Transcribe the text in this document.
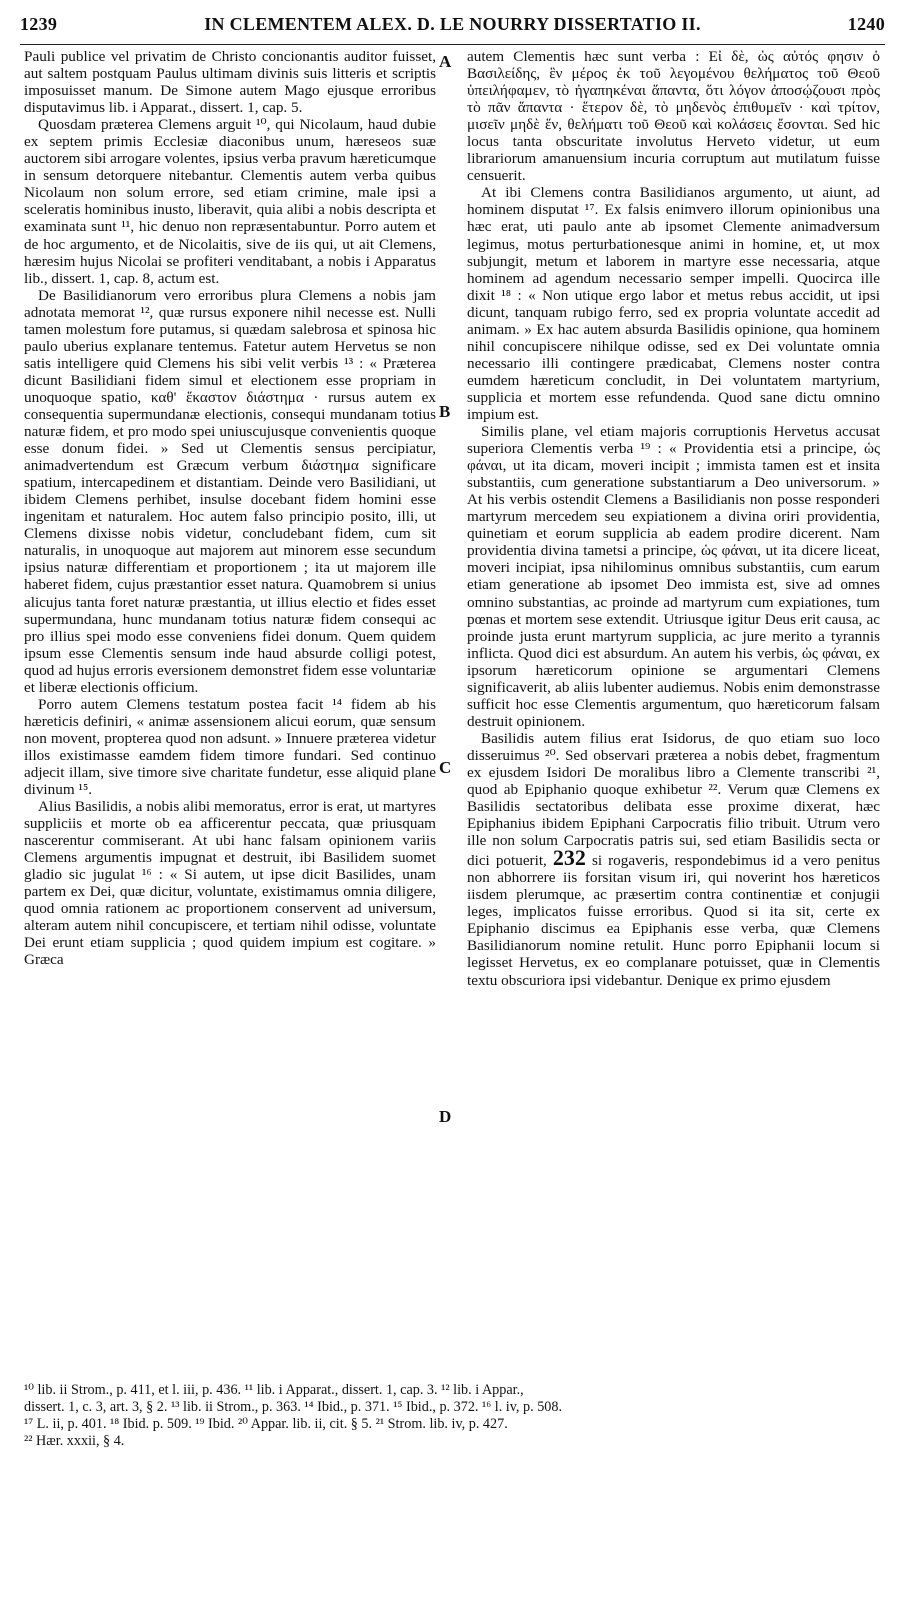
1239	IN CLEMENTEM ALEX. D. LE NOURRY DISSERTATIO II.	1240

Pauli publice vel privatim de Christo concionantis auditor fuisset, aut saltem postquam Paulus ultimam divinis suis litteris et scriptis imposuisset manum. De Simone autem Mago ejusque erroribus disputavimus lib. i Apparat., dissert. 1, cap. 5.

Quosdam præterea Clemens arguit ¹⁰, qui Nicolaum, haud dubie ex septem primis Ecclesiæ diaconibus unum, hæreseos suæ auctorem sibi arrogare volentes, ipsius verba pravum hæreticumque in sensum detorquere nitebantur. Clementis autem verba quibus Nicolaum non solum errore, sed etiam crimine, male ipsi a sceleratis hominibus inusto, liberavit, quia alibi a nobis descripta et examinata sunt ¹¹, hic denuo non repræsentabuntur. Porro autem et de hoc argumento, et de Nicolaitis, sive de iis qui, ut ait Clemens, hæresim hujus Nicolai se profiteri venditabant, a nobis i Apparatus lib., dissert. 1, cap. 8, actum est.

De Basilidianorum vero erroribus plura Clemens a nobis jam adnotata memorat ¹², quæ rursus exponere nihil necesse est. Nulli tamen molestum fore putamus, si quædam salebrosa et spinosa hic paulo uberius explanare tentemus. Fatetur autem Hervetus se non satis intelligere quid Clemens his sibi velit verbis ¹³ : « Præterea dicunt Basilidiani fidem simul et electionem esse propriam in unoquoque spatio, καθ' ἕκαστον διάστημα · rursus autem ex consequentia supermundanæ electionis, consequi mundanam totius naturæ fidem, et pro modo spei uniuscujusque convenientis quoque esse donum fidei. » Sed ut Clementis sensus percipiatur, animadvertendum est Græcum verbum διάστημα significare spatium, intercapedinem et distantiam. Deinde vero Basilidiani, ut ibidem Clemens perhibet, insulse docebant fidem homini esse ingenitam et naturalem. Hoc autem falso principio posito, illi, ut Clemens dixisse nobis videtur, concludebant fidem, cum sit naturalis, in unoquoque aut majorem aut minorem esse secundum ipsius naturæ differentiam et proportionem ; ita ut majorem ille haberet fidem, cujus præstantior esset natura. Quamobrem si unius alicujus tanta foret naturæ præstantia, ut illius electio et fides esset supermundana, hunc mundanam totius naturæ fidem consequi ac pro illius spei modo esse conveniens fidei donum. Quem quidem ipsum esse Clementis sensum inde haud absurde colligi potest, quod ad hujus erroris eversionem demonstret fidem esse voluntariæ et liberæ electionis officium.

Porro autem Clemens testatum postea facit ¹⁴ fidem ab his hæreticis definiri, « animæ assensionem alicui eorum, quæ sensum non movent, propterea quod non adsunt. » Innuere præterea videtur illos existimasse eamdem fidem timore fundari. Sed continuo adjecit illam, sive timore sive charitate fundetur, esse aliquid plane divinum ¹⁵.

Alius Basilidis, a nobis alibi memoratus, error is erat, ut martyres suppliciis et morte ob ea afficerentur peccata, quæ priusquam nascerentur commiserant. At ubi hanc falsam opinionem variis Clemens argumentis impugnat et destruit, ibi Basilidem suomet gladio sic jugulat ¹⁶ : « Si autem, ut ipse dicit Basilides, unam partem ex Dei, quæ dicitur, voluntate, existimamus omnia diligere, quod omnia rationem ac proportionem conservent ad universum, alteram autem nihil concupiscere, et tertiam nihil odisse, voluntate Dei erunt etiam supplicia ; quod quidem impium est cogitare. » Græca

A
B
C
D

autem Clementis hæc sunt verba : Εἰ δὲ, ὡς αὐτός φησιν ὁ Βασιλείδης, ἓν μέρος ἐκ τοῦ λεγομένου θελήματος τοῦ Θεοῦ ὑπειλήφαμεν, τὸ ἠγαπηκέναι ἅπαντα, ὅτι λόγον ἀποσῴζουσι πρὸς τὸ πᾶν ἅπαντα · ἕτερον δὲ, τὸ μηδενὸς ἐπιθυμεῖν · καὶ τρίτον, μισεῖν μηδὲ ἕν, θελήματι τοῦ Θεοῦ καὶ κολάσεις ἔσονται. Sed hic locus tanta obscuritate involutus Herveto videtur, ut eum librariorum amanuensium incuria corruptum aut mutilatum fuisse censuerit.

At ibi Clemens contra Basilidianos argumento, ut aiunt, ad hominem disputat ¹⁷. Ex falsis enimvero illorum opinionibus una hæc erat, uti paulo ante ab ipsomet Clemente animadversum legimus, motus perturbationesque animi in homine, et, ut mox subjungit, metum et laborem in martyre esse necessaria, atque hominem ad agendum necessario semper impelli. Quocirca ille dixit ¹⁸ : « Non utique ergo labor et metus rebus accidit, ut ipsi dicunt, tanquam rubigo ferro, sed ex propria voluntate accedit ad animam. » Ex hac autem absurda Basilidis opinione, qua hominem nihil concupiscere nihilque odisse, sed ex Dei voluntate omnia necessario illi contingere prædicabat, Clemens noster contra eumdem hæreticum concludit, in Dei voluntatem martyrium, supplicia et mortem esse refundenda. Quod sane dictu omnino impium est.

Similis plane, vel etiam majoris corruptionis Hervetus accusat superiora Clementis verba ¹⁹ : « Providentia etsi a principe, ὡς φάναι, ut ita dicam, moveri incipit ; immista tamen est et insita substantiis, cum generatione substantiarum a Deo universorum. » At his verbis ostendit Clemens a Basilidianis non posse responderi martyrum mercedem seu expiationem a divina oriri providentia, quinetiam et eorum supplicia ab eadem prodire dicerent. Nam providentia divina tametsi a principe, ὡς φάναι, ut ita dicere liceat, moveri incipiat, ipsa nihilominus omnibus substantiis, cum earum etiam generatione ab ipsomet Deo immista est, sive ad omnes omnino substantias, ac proinde ad martyrum cum expiationes, tum pœnas et mortem sese extendit. Utriusque igitur Deus erit causa, ac proinde justa erunt martyrum supplicia, ac jure merito a tyrannis inflicta. Quod dici est absurdum. An autem his verbis, ὡς φάναι, ex ipsorum hæreticorum opinione se argumentari Clemens significaverit, ab aliis lubenter audiemus. Nobis enim demonstrasse sufficit hoc esse Clementis argumentum, quo hæreticorum falsam destruit opinionem.

Basilidis autem filius erat Isidorus, de quo etiam suo loco disseruimus ²⁰. Sed observari præterea a nobis debet, fragmentum ex ejusdem Isidori De moralibus libro a Clemente transcribi ²¹, quod ab Epiphanio quoque exhibetur ²². Verum quæ Clemens ex Basilidis sectatoribus delibata esse proxime dixerat, hæc Epiphanius ibidem Epiphani Carpocratis filio tribuit. Utrum vero ille non solum Carpocratis patris sui, sed etiam Basilidis secta or dici potuerit, 232 si rogaveris, respondebimus id a vero penitus non abhorrere iis forsitan visum iri, qui noverint hos hæreticos iisdem plerumque, ac præsertim contra continentiæ et conjugii leges, implicatos fuisse erroribus. Quod si ita sit, certe ex Epiphanio discimus ea Epiphanis esse verba, quæ Clemens Basilidianorum nomine retulit. Hunc porro Epiphanii locum si legisset Hervetus, ex eo complanare potuisset, quæ in Clementis textu obscuriora ipsi videbantur. Denique ex primo ejusdem

¹⁰ lib. ii Strom., p. 411, et l. iii, p. 436. ¹¹ lib. i Apparat., dissert. 1, cap. 3. ¹² lib. i Appar.,
dissert. 1, c. 3, art. 3, § 2. ¹³ lib. ii Strom., p. 363. ¹⁴ Ibid., p. 371. ¹⁵ Ibid., p. 372. ¹⁶ l. iv, p. 508.
¹⁷ L. ii, p. 401. ¹⁸ Ibid. p. 509. ¹⁹ Ibid. ²⁰ Appar. lib. ii, cit. § 5. ²¹ Strom. lib. iv, p. 427.
²² Hær. xxxii, § 4.
